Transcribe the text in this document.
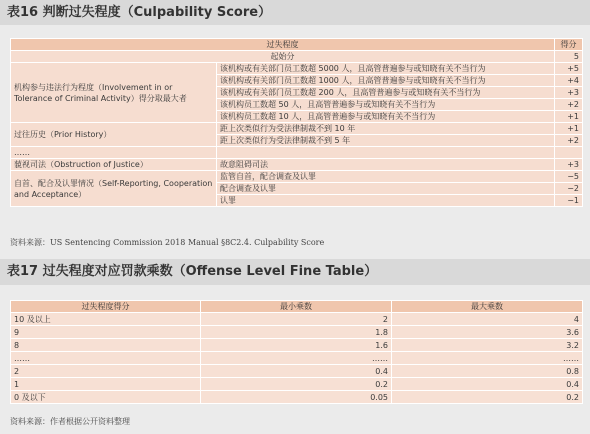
表16 判断过失程度（Culpability Score）
过失程度		得分
起始分		5
机构参与违法行为程度（Involvement in or Tolerance of Criminal Activity）得分取最大者	该机构或有关部门员工数超 5000 人，且高管普遍参与或知晓有关不当行为	+5
	该机构或有关部门员工数超 1000 人，且高管普遍参与或知晓有关不当行为	+4
	该机构或有关部门员工数超 200 人，且高管普遍参与或知晓有关不当行为	+3
	该机构员工数超 50 人，且高管普遍参与或知晓有关不当行为	+2
	该机构员工数超 10 人，且高管普遍参与或知晓有关不当行为	+1
过往历史（Prior History）	距上次类似行为受法律制裁不到 10 年	+1
	距上次类似行为受法律制裁不到 5 年	+2
……		
藐视司法（Obstruction of Justice）	故意阻碍司法	+3
自首、配合及认罪情况（Self-Reporting, Cooperation and Acceptance）	监管自首，配合调查及认罪	−5
	配合调查及认罪	−2
	认罪	−1
资料来源：US Sentencing Commission 2018 Manual §8C2.4. Culpability Score
表17 过失程度对应罚款乘数（Offense Level Fine Table）
过失程度得分	最小乘数	最大乘数
10 及以上	2	4
9	1.8	3.6
8	1.6	3.2
……	……	……
2	0.4	0.8
1	0.2	0.4
0 及以下	0.05	0.2
资料来源：作者根据公开资料整理
